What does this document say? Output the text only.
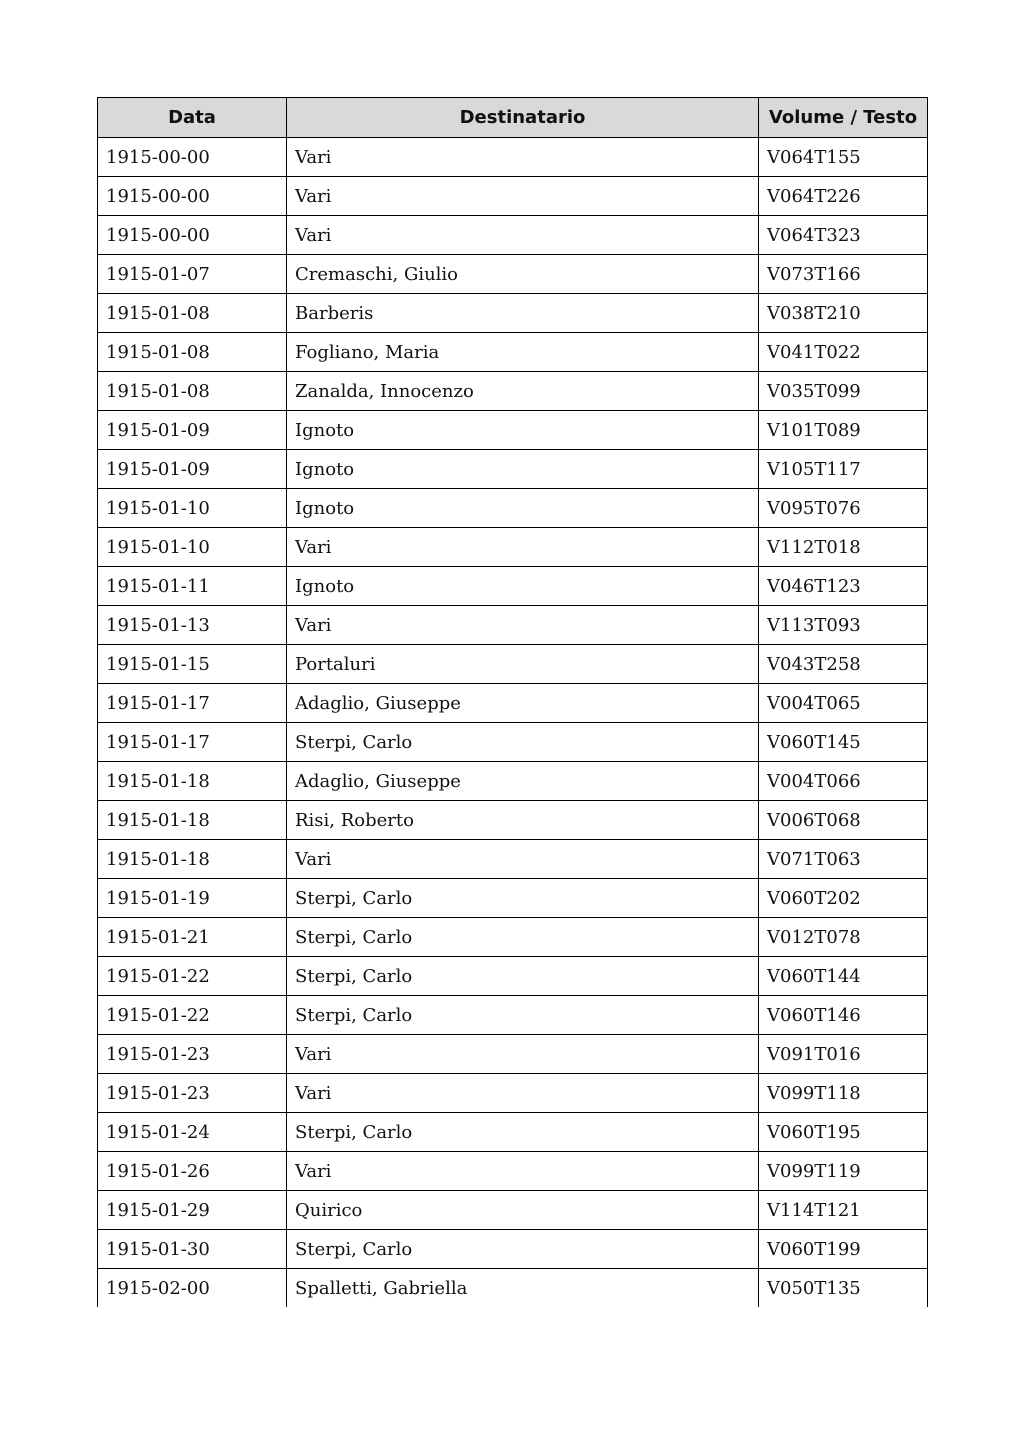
Data	Destinatario	Volume / Testo
1915-00-00	Vari	V064T155
1915-00-00	Vari	V064T226
1915-00-00	Vari	V064T323
1915-01-07	Cremaschi, Giulio	V073T166
1915-01-08	Barberis	V038T210
1915-01-08	Fogliano, Maria	V041T022
1915-01-08	Zanalda, Innocenzo	V035T099
1915-01-09	Ignoto	V101T089
1915-01-09	Ignoto	V105T117
1915-01-10	Ignoto	V095T076
1915-01-10	Vari	V112T018
1915-01-11	Ignoto	V046T123
1915-01-13	Vari	V113T093
1915-01-15	Portaluri	V043T258
1915-01-17	Adaglio, Giuseppe	V004T065
1915-01-17	Sterpi, Carlo	V060T145
1915-01-18	Adaglio, Giuseppe	V004T066
1915-01-18	Risi, Roberto	V006T068
1915-01-18	Vari	V071T063
1915-01-19	Sterpi, Carlo	V060T202
1915-01-21	Sterpi, Carlo	V012T078
1915-01-22	Sterpi, Carlo	V060T144
1915-01-22	Sterpi, Carlo	V060T146
1915-01-23	Vari	V091T016
1915-01-23	Vari	V099T118
1915-01-24	Sterpi, Carlo	V060T195
1915-01-26	Vari	V099T119
1915-01-29	Quirico	V114T121
1915-01-30	Sterpi, Carlo	V060T199
1915-02-00	Spalletti, Gabriella	V050T135
